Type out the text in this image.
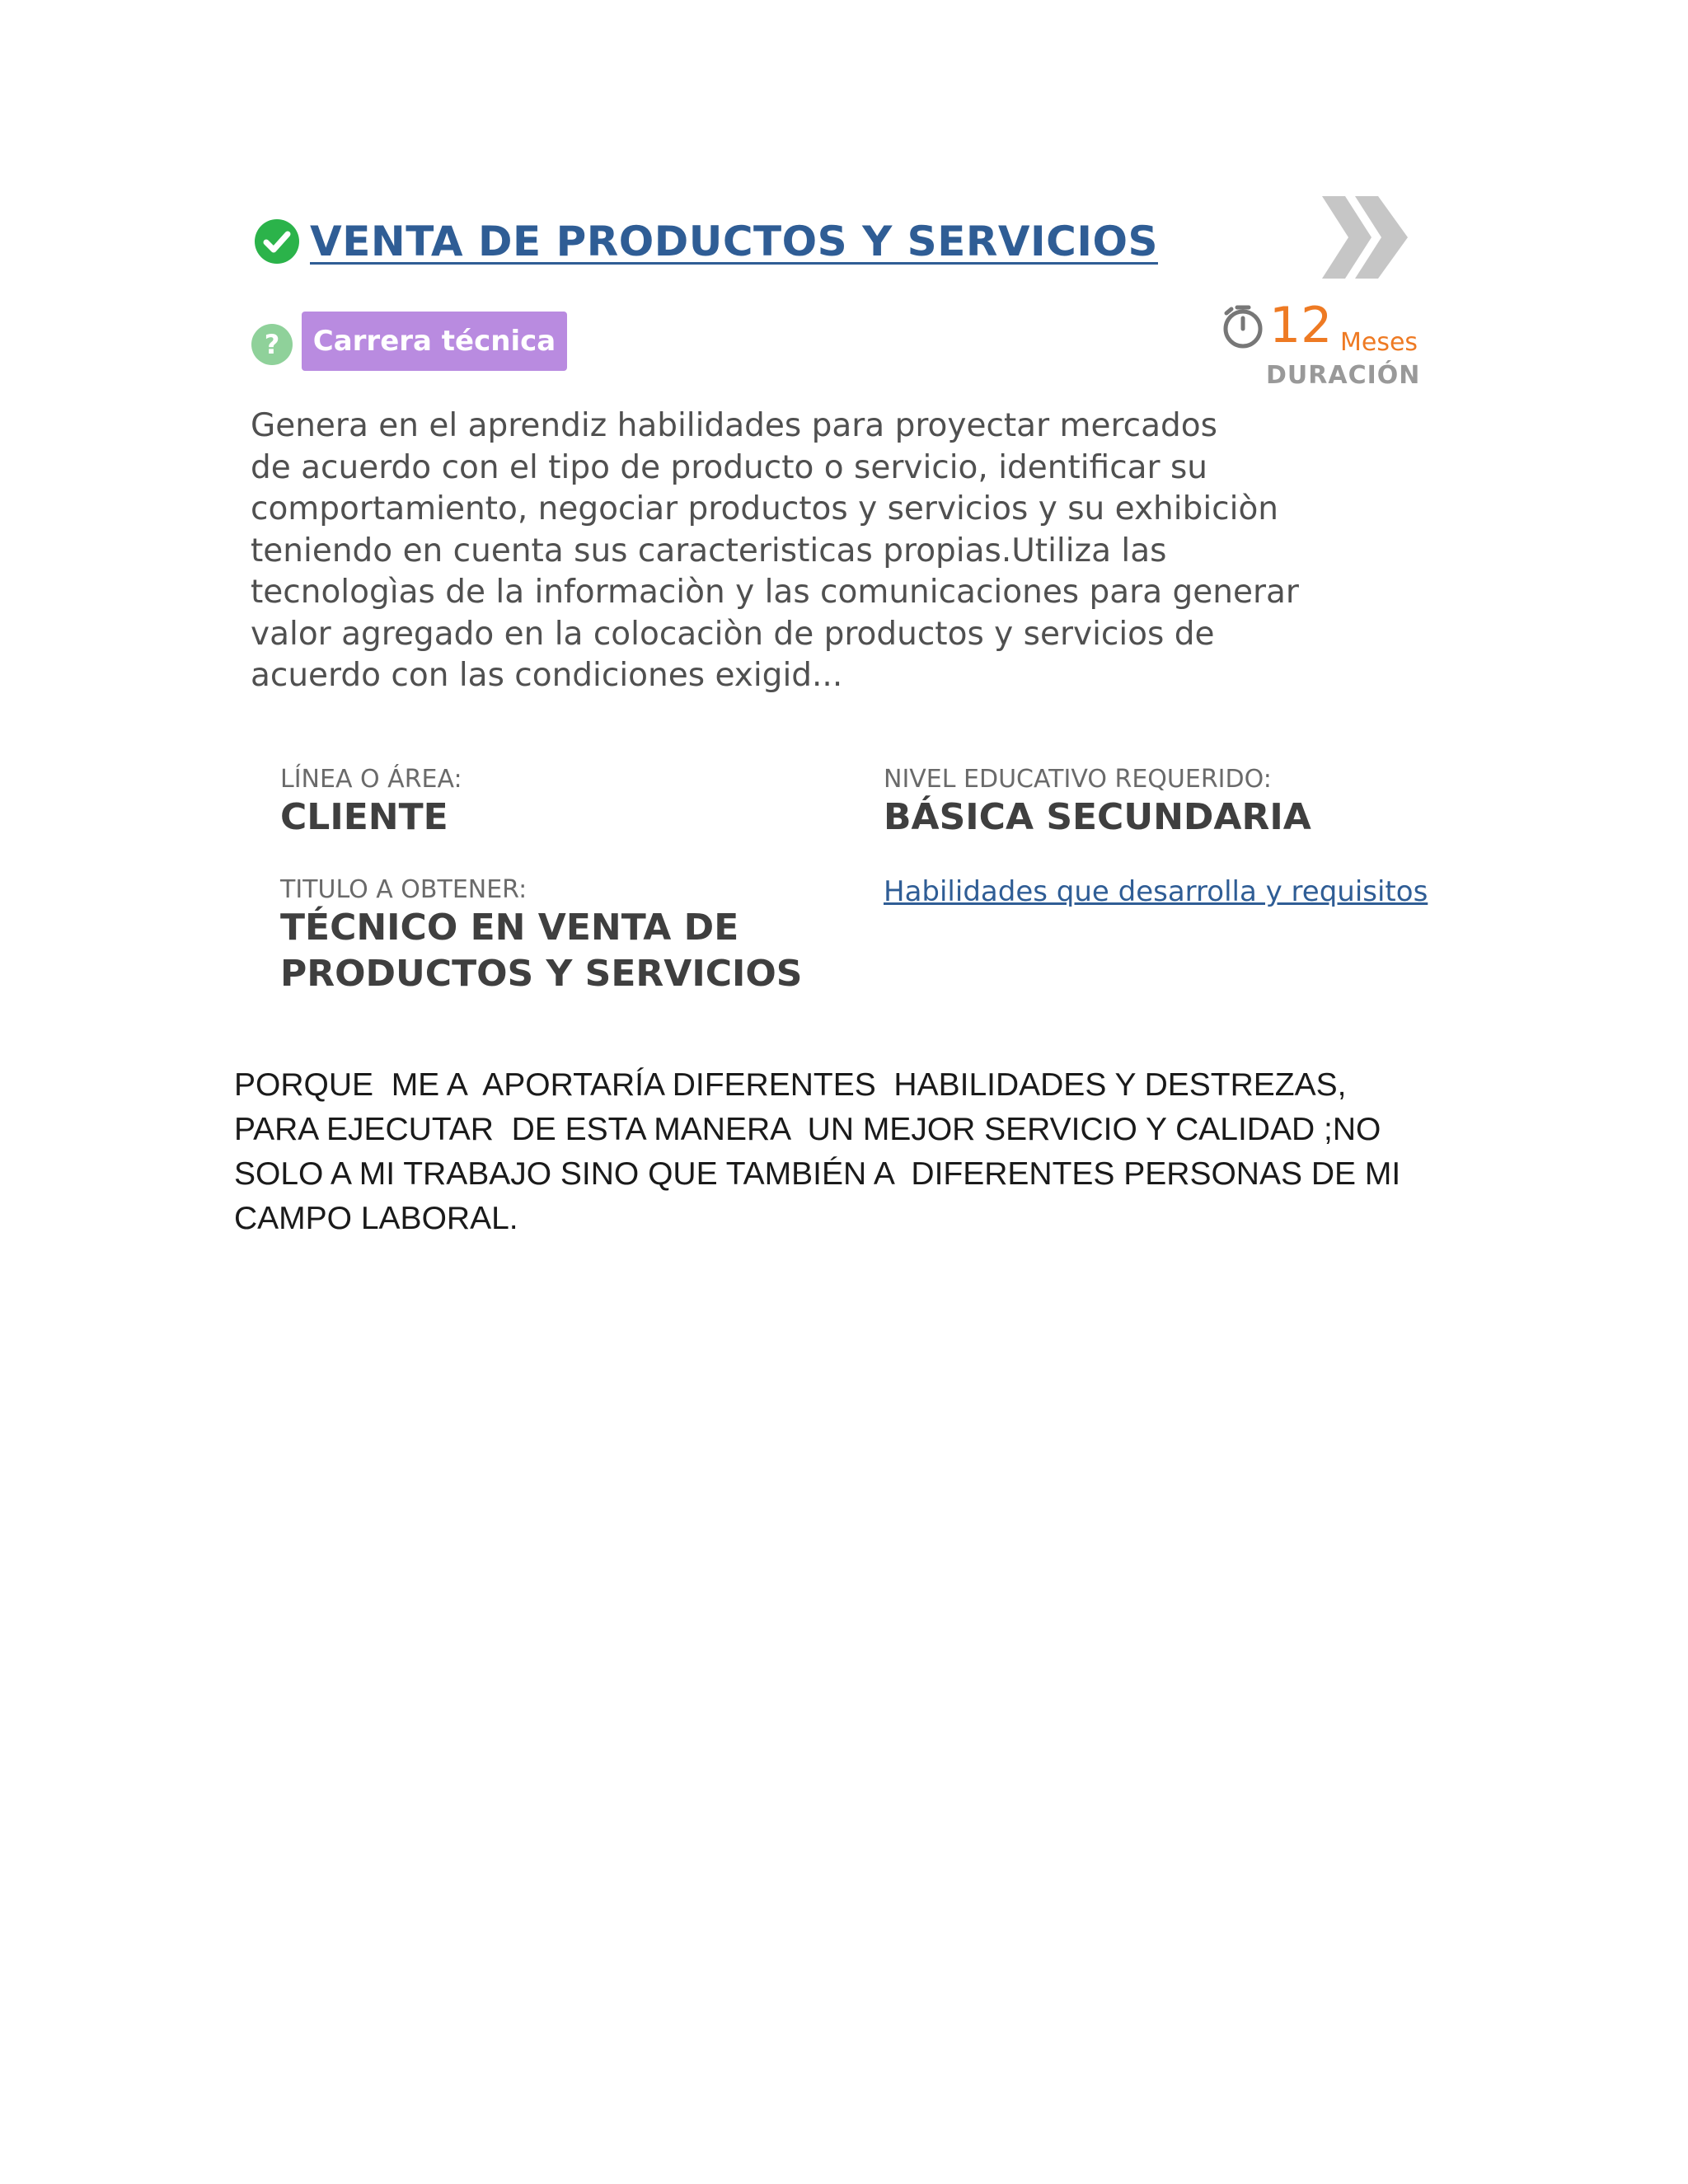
VENTA DE PRODUCTOS Y SERVICIOS
?	Carrera técnica	12 Meses
DURACIÓN
Genera en el aprendiz habilidades para proyectar mercados
de acuerdo con el tipo de producto o servicio, identificar su
comportamiento, negociar productos y servicios y su exhibiciòn
teniendo en cuenta sus caracteristicas propias.Utiliza las
tecnologìas de la informaciòn y las comunicaciones para generar
valor agregado en la colocaciòn de productos y servicios de
acuerdo con las condiciones exigid...
LÍNEA O ÁREA:
CLIENTE
NIVEL EDUCATIVO REQUERIDO:
BÁSICA SECUNDARIA
TITULO A OBTENER:
TÉCNICO EN VENTA DE PRODUCTOS Y SERVICIOS
Habilidades que desarrolla y requisitos
PORQUE  ME A  APORTARÍA DIFERENTES  HABILIDADES Y DESTREZAS,
PARA EJECUTAR  DE ESTA MANERA  UN MEJOR SERVICIO Y CALIDAD ;NO
SOLO A MI TRABAJO SINO QUE TAMBIÉN A  DIFERENTES PERSONAS DE MI
CAMPO LABORAL.
